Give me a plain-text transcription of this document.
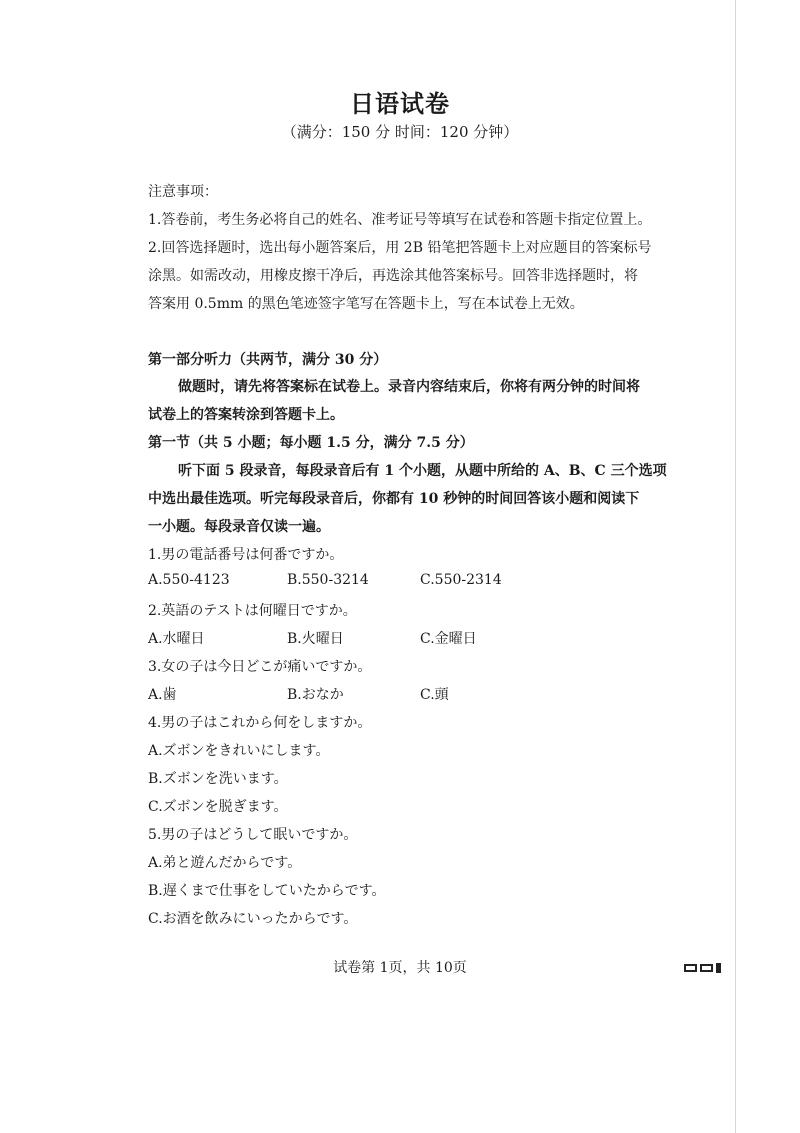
日语试卷
（满分：150 分 时间：120 分钟）
注意事项：
1.答卷前，考生务必将自己的姓名、准考证号等填写在试卷和答题卡指定位置上。
2.回答选择题时，选出每小题答案后，用 2B 铅笔把答题卡上对应题目的答案标号
涂黑。如需改动，用橡皮擦干净后，再选涂其他答案标号。回答非选择题时，将
答案用 0.5mm 的黑色笔迹签字笔写在答题卡上，写在本试卷上无效。
第一部分听力（共两节，满分 30 分）
做题时，请先将答案标在试卷上。录音内容结束后，你将有两分钟的时间将
试卷上的答案转涂到答题卡上。
第一节（共 5 小题；每小题 1.5 分，满分 7.5 分）
听下面 5 段录音，每段录音后有 1 个小题，从题中所给的 A、B、C 三个选项
中选出最佳选项。听完每段录音后，你都有 10 秒钟的时间回答该小题和阅读下
一小题。每段录音仅读一遍。
1.男の電話番号は何番ですか。
A.550-4123	B.550-3214	C.550-2314
2.英語のテストは何曜日ですか。
A.水曜日	B.火曜日	C.金曜日
3.女の子は今日どこが痛いですか。
A.歯	B.おなか	C.頭
4.男の子はこれから何をしますか。
A.ズボンをきれいにします。
B.ズボンを洗います。
C.ズボンを脱ぎます。
5.男の子はどうして眠いですか。
A.弟と遊んだからです。
B.遅くまで仕事をしていたからです。
C.お酒を飲みにいったからです。
试卷第 1页，共 10页
